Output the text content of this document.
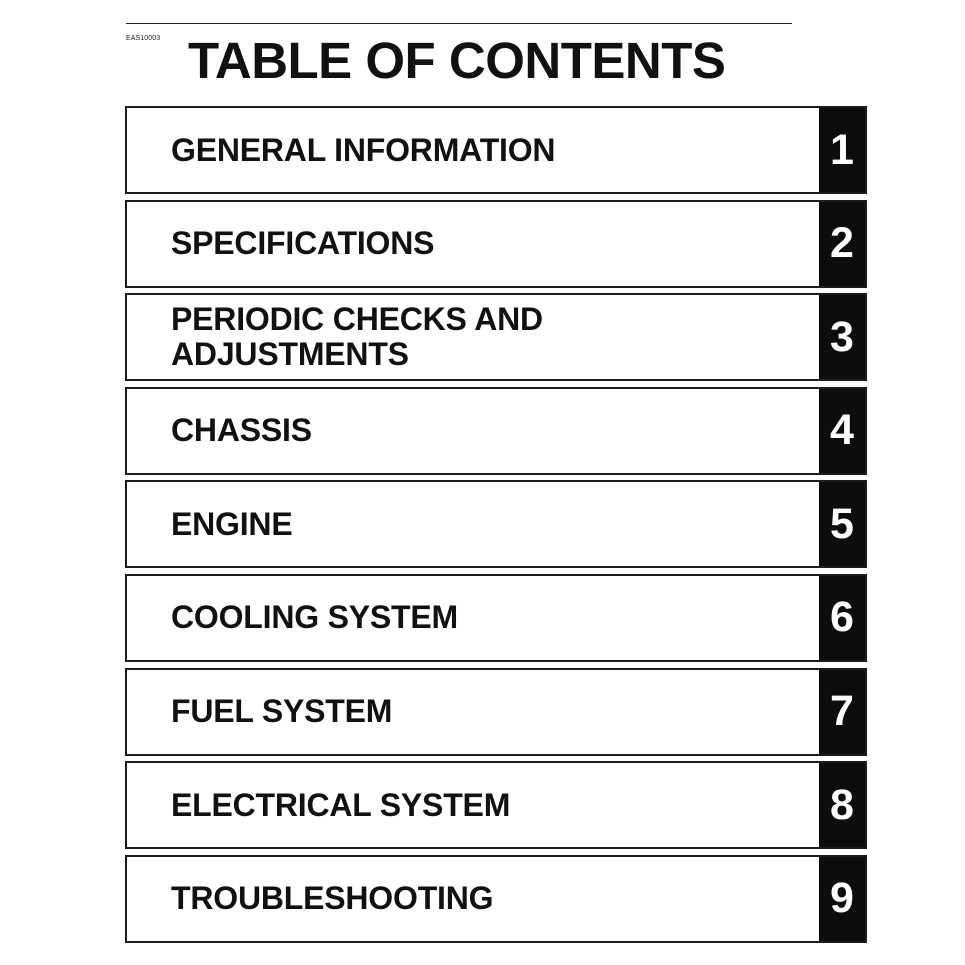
EAS10003 TABLE OF CONTENTS
GENERAL INFORMATION	1
SPECIFICATIONS	2
PERIODIC CHECKS AND
ADJUSTMENTS	3
CHASSIS	4
ENGINE	5
COOLING SYSTEM	6
FUEL SYSTEM	7
ELECTRICAL SYSTEM	8
TROUBLESHOOTING	9
